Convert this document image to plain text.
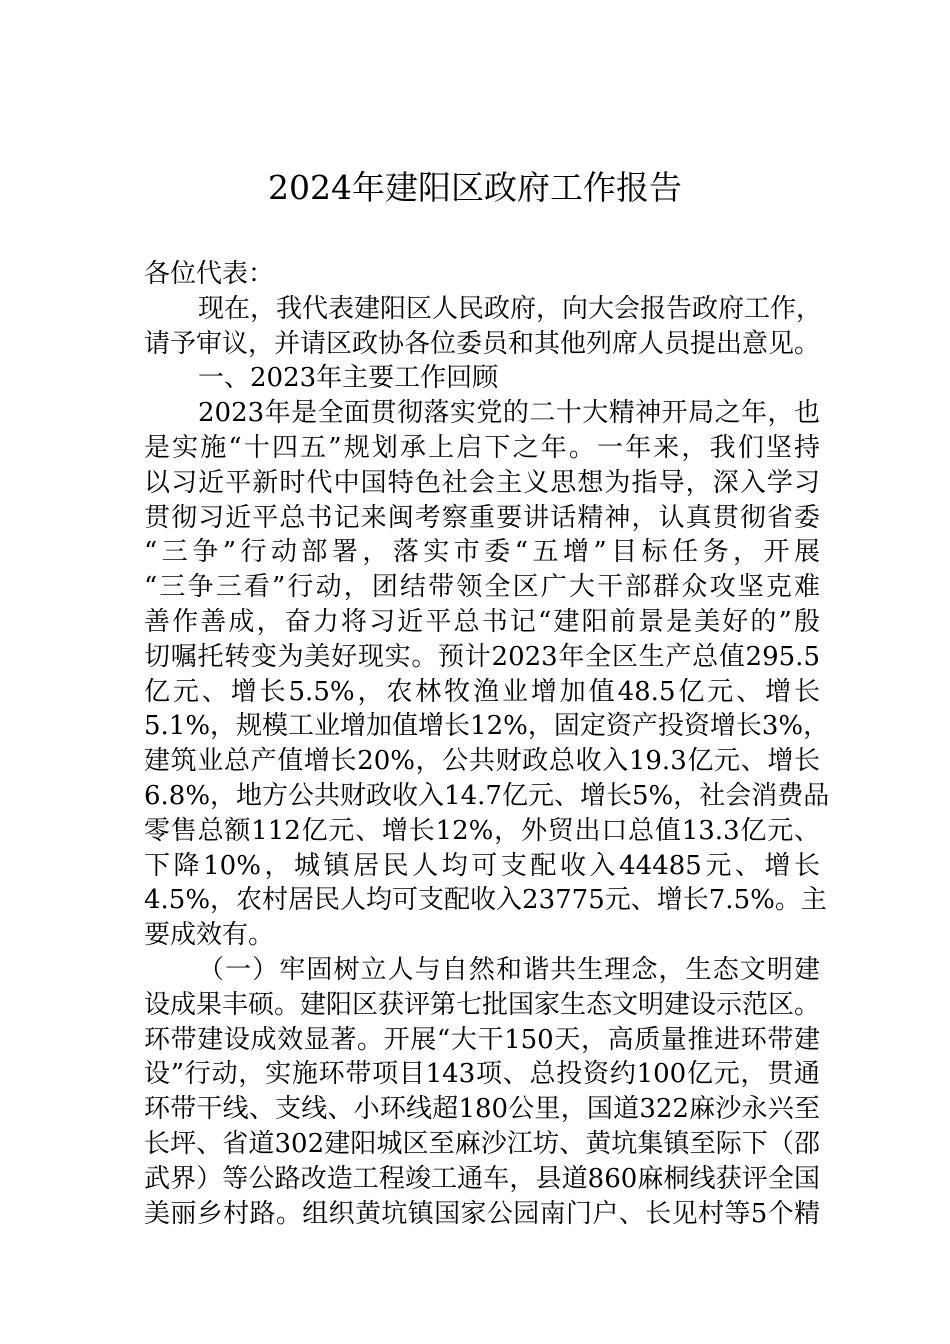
2024年建阳区政府工作报告
各位代表：
现在，我代表建阳区人民政府，向大会报告政府工作，
请予审议，并请区政协各位委员和其他列席人员提出意见。
一、2023年主要工作回顾
2023年是全面贯彻落实党的二十大精神开局之年，也
是实施“十四五”规划承上启下之年。一年来，我们坚持
以习近平新时代中国特色社会主义思想为指导，深入学习
贯彻习近平总书记来闽考察重要讲话精神，认真贯彻省委
“三争”行动部署，落实市委“五增”目标任务，开展
“三争三看”行动，团结带领全区广大干部群众攻坚克难
善作善成，奋力将习近平总书记“建阳前景是美好的”殷
切嘱托转变为美好现实。预计2023年全区生产总值295.5
亿元、增长5.5%，农林牧渔业增加值48.5亿元、增长
5.1%，规模工业增加值增长12%，固定资产投资增长3%，
建筑业总产值增长20%，公共财政总收入19.3亿元、增长
6.8%，地方公共财政收入14.7亿元、增长5%，社会消费品
零售总额112亿元、增长12%，外贸出口总值13.3亿元、
下降10%，城镇居民人均可支配收入44485元、增长
4.5%，农村居民人均可支配收入23775元、增长7.5%。主
要成效有。
（一）牢固树立人与自然和谐共生理念，生态文明建
设成果丰硕。建阳区获评第七批国家生态文明建设示范区。
环带建设成效显著。开展“大干150天，高质量推进环带建
设”行动，实施环带项目143项、总投资约100亿元，贯通
环带干线、支线、小环线超180公里，国道322麻沙永兴至
长坪、省道302建阳城区至麻沙江坊、黄坑集镇至际下（邵
武界）等公路改造工程竣工通车，县道860麻桐线获评全国
美丽乡村路。组织黄坑镇国家公园南门户、长见村等5个精
